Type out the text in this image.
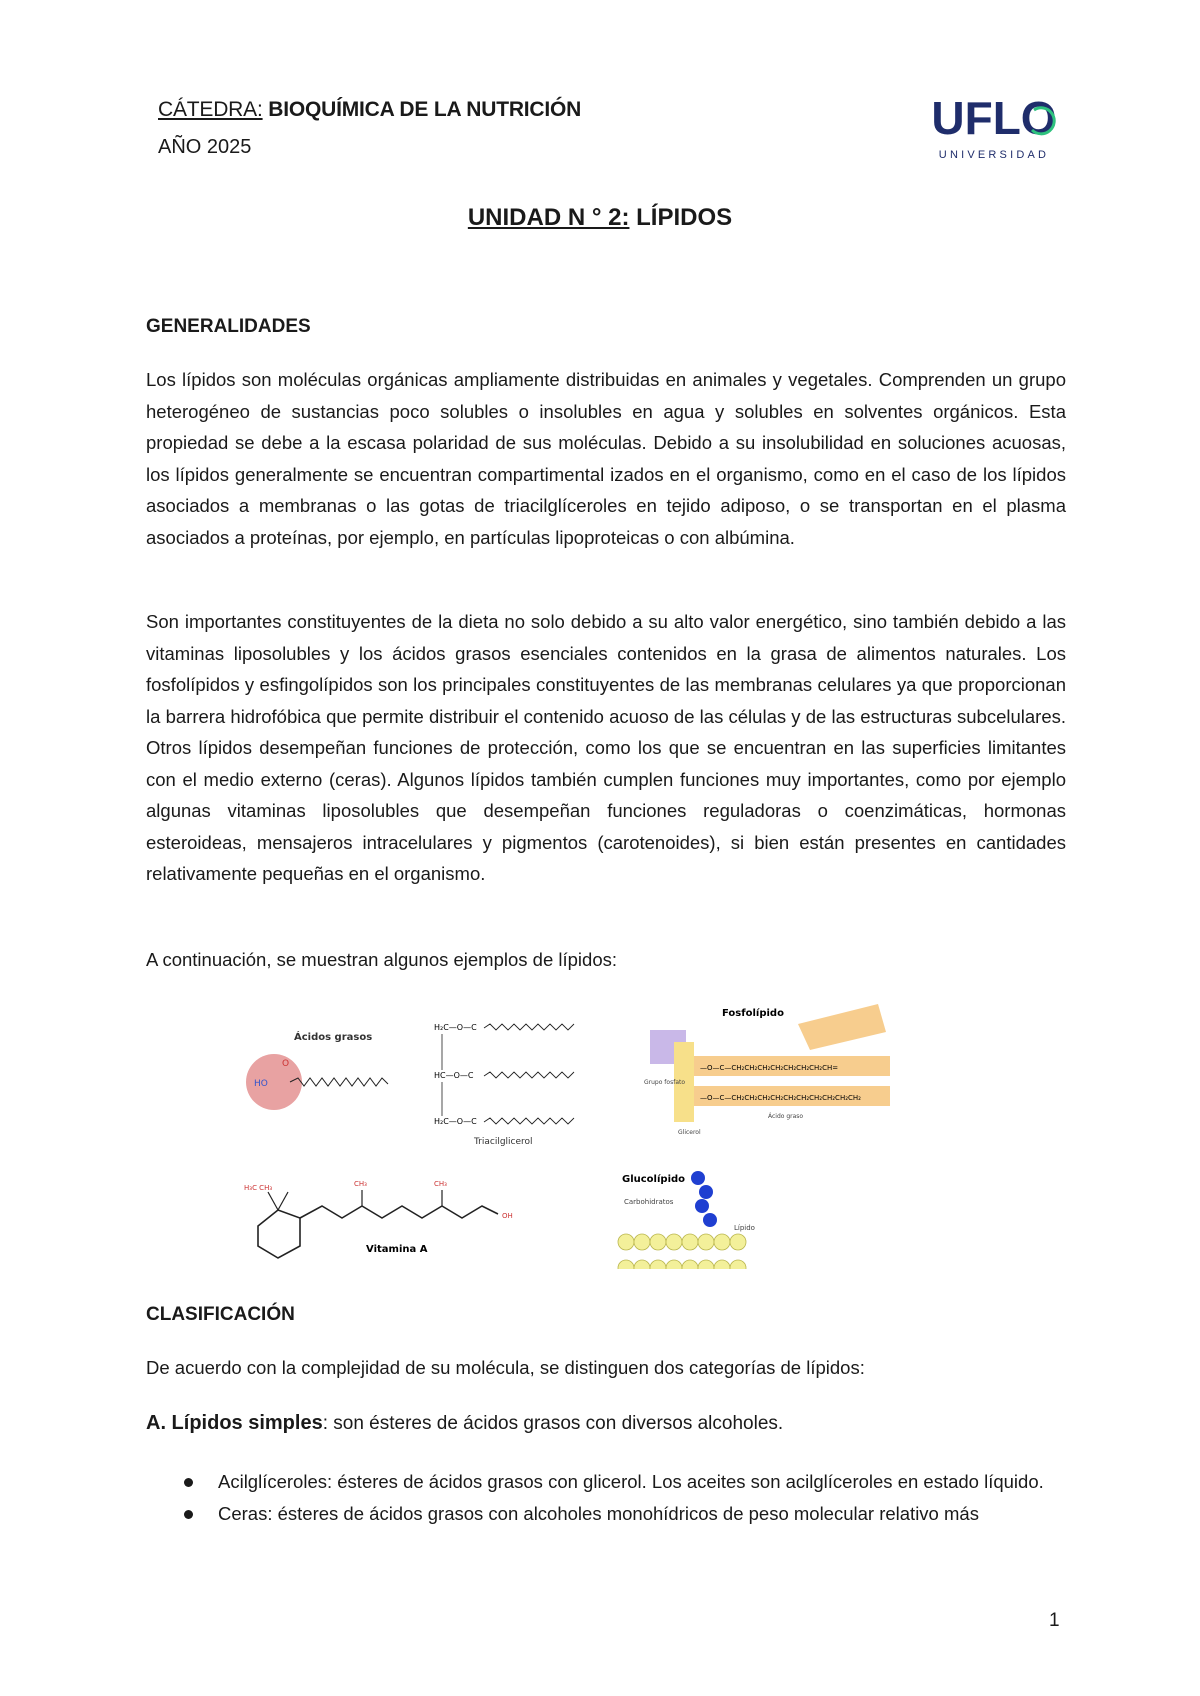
CÁTEDRA: BIOQUÍMICA DE LA NUTRICIÓN
AÑO 2025
UFLO
UNIVERSIDAD
UNIDAD N ° 2: LÍPIDOS
GENERALIDADES
Los lípidos son moléculas orgánicas ampliamente distribuidas en animales y vegetales. Comprenden un grupo heterogéneo de sustancias poco solubles o insolubles en agua y solubles en solventes orgánicos. Esta propiedad se debe a la escasa polaridad de sus moléculas. Debido a su insolubilidad en soluciones acuosas, los lípidos generalmente se encuentran compartimental izados en el organismo, como en el caso de los lípidos asociados a membranas o las gotas de triacilglíceroles en tejido adiposo, o se transportan en el plasma asociados a proteínas, por ejemplo, en partículas lipoproteicas o con albúmina.
Son importantes constituyentes de la dieta no solo debido a su alto valor energético, sino también debido a las vitaminas liposolubles y los ácidos grasos esenciales contenidos en la grasa de alimentos naturales. Los fosfolípidos y esfingolípidos son los principales constituyentes de las membranas celulares ya que proporcionan la barrera hidrofóbica que permite distribuir el contenido acuoso de las células y de las estructuras subcelulares. Otros lípidos desempeñan funciones de protección, como los que se encuentran en las superficies limitantes con el medio externo (ceras). Algunos lípidos también cumplen funciones muy importantes, como por ejemplo algunas vitaminas liposolubles que desempeñan funciones reguladoras o coenzimáticas, hormonas esteroideas, mensajeros intracelulares y pigmentos (carotenoides), si bien están presentes en cantidades relativamente pequeñas en el organismo.
A continuación, se muestran algunos ejemplos de lípidos:
HO
Ácidos grasos
O
H₂C—O—C
HC—O—C
H₂C—O—C
Triacilglicerol
Fosfolípido
—O—C—CH₂CH₂CH₂CH₂CH₂CH₂CH₂CH=
—O—C—CH₂CH₂CH₂CH₂CH₂CH₂CH₂CH₂CH₂CH₂
Grupo fosfato
Ácido graso
Glicerol
H₃C CH₃	CH₃	CH₃
OH
Vitamina A
Glucolípido
Carbohidratos
Lípido
CLASIFICACIÓN
De acuerdo con la complejidad de su molécula, se distinguen dos categorías de lípidos:
A. Lípidos simples: son ésteres de ácidos grasos con diversos alcoholes.
Acilglíceroles: ésteres de ácidos grasos con glicerol. Los aceites son acilglíceroles en estado líquido.
Ceras: ésteres de ácidos grasos con alcoholes monohídricos de peso molecular relativo más
1
